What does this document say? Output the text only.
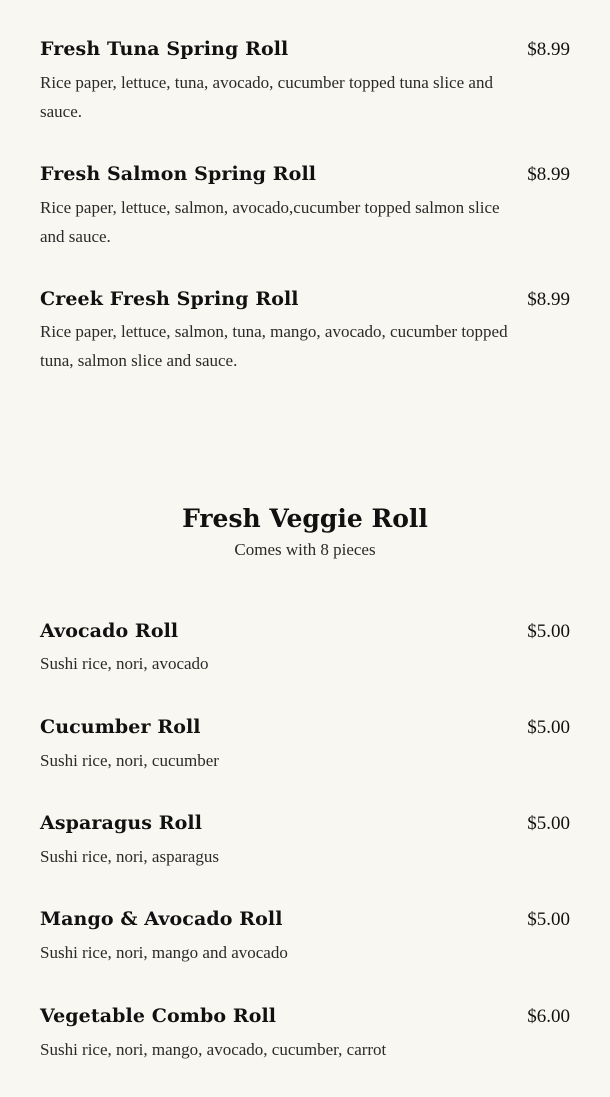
Fresh Tuna Spring Roll	$8.99
Rice paper, lettuce, tuna, avocado, cucumber topped tuna slice and sauce.
Fresh Salmon Spring Roll	$8.99
Rice paper, lettuce, salmon, avocado,cucumber topped salmon slice and sauce.
Creek Fresh Spring Roll	$8.99
Rice paper, lettuce, salmon, tuna, mango, avocado, cucumber topped tuna, salmon slice and sauce.
Fresh Veggie Roll
Comes with 8 pieces
Avocado Roll	$5.00
Sushi rice, nori, avocado
Cucumber Roll	$5.00
Sushi rice, nori, cucumber
Asparagus Roll	$5.00
Sushi rice, nori, asparagus
Mango & Avocado Roll	$5.00
Sushi rice, nori, mango and avocado
Vegetable Combo Roll	$6.00
Sushi rice, nori, mango, avocado, cucumber, carrot
